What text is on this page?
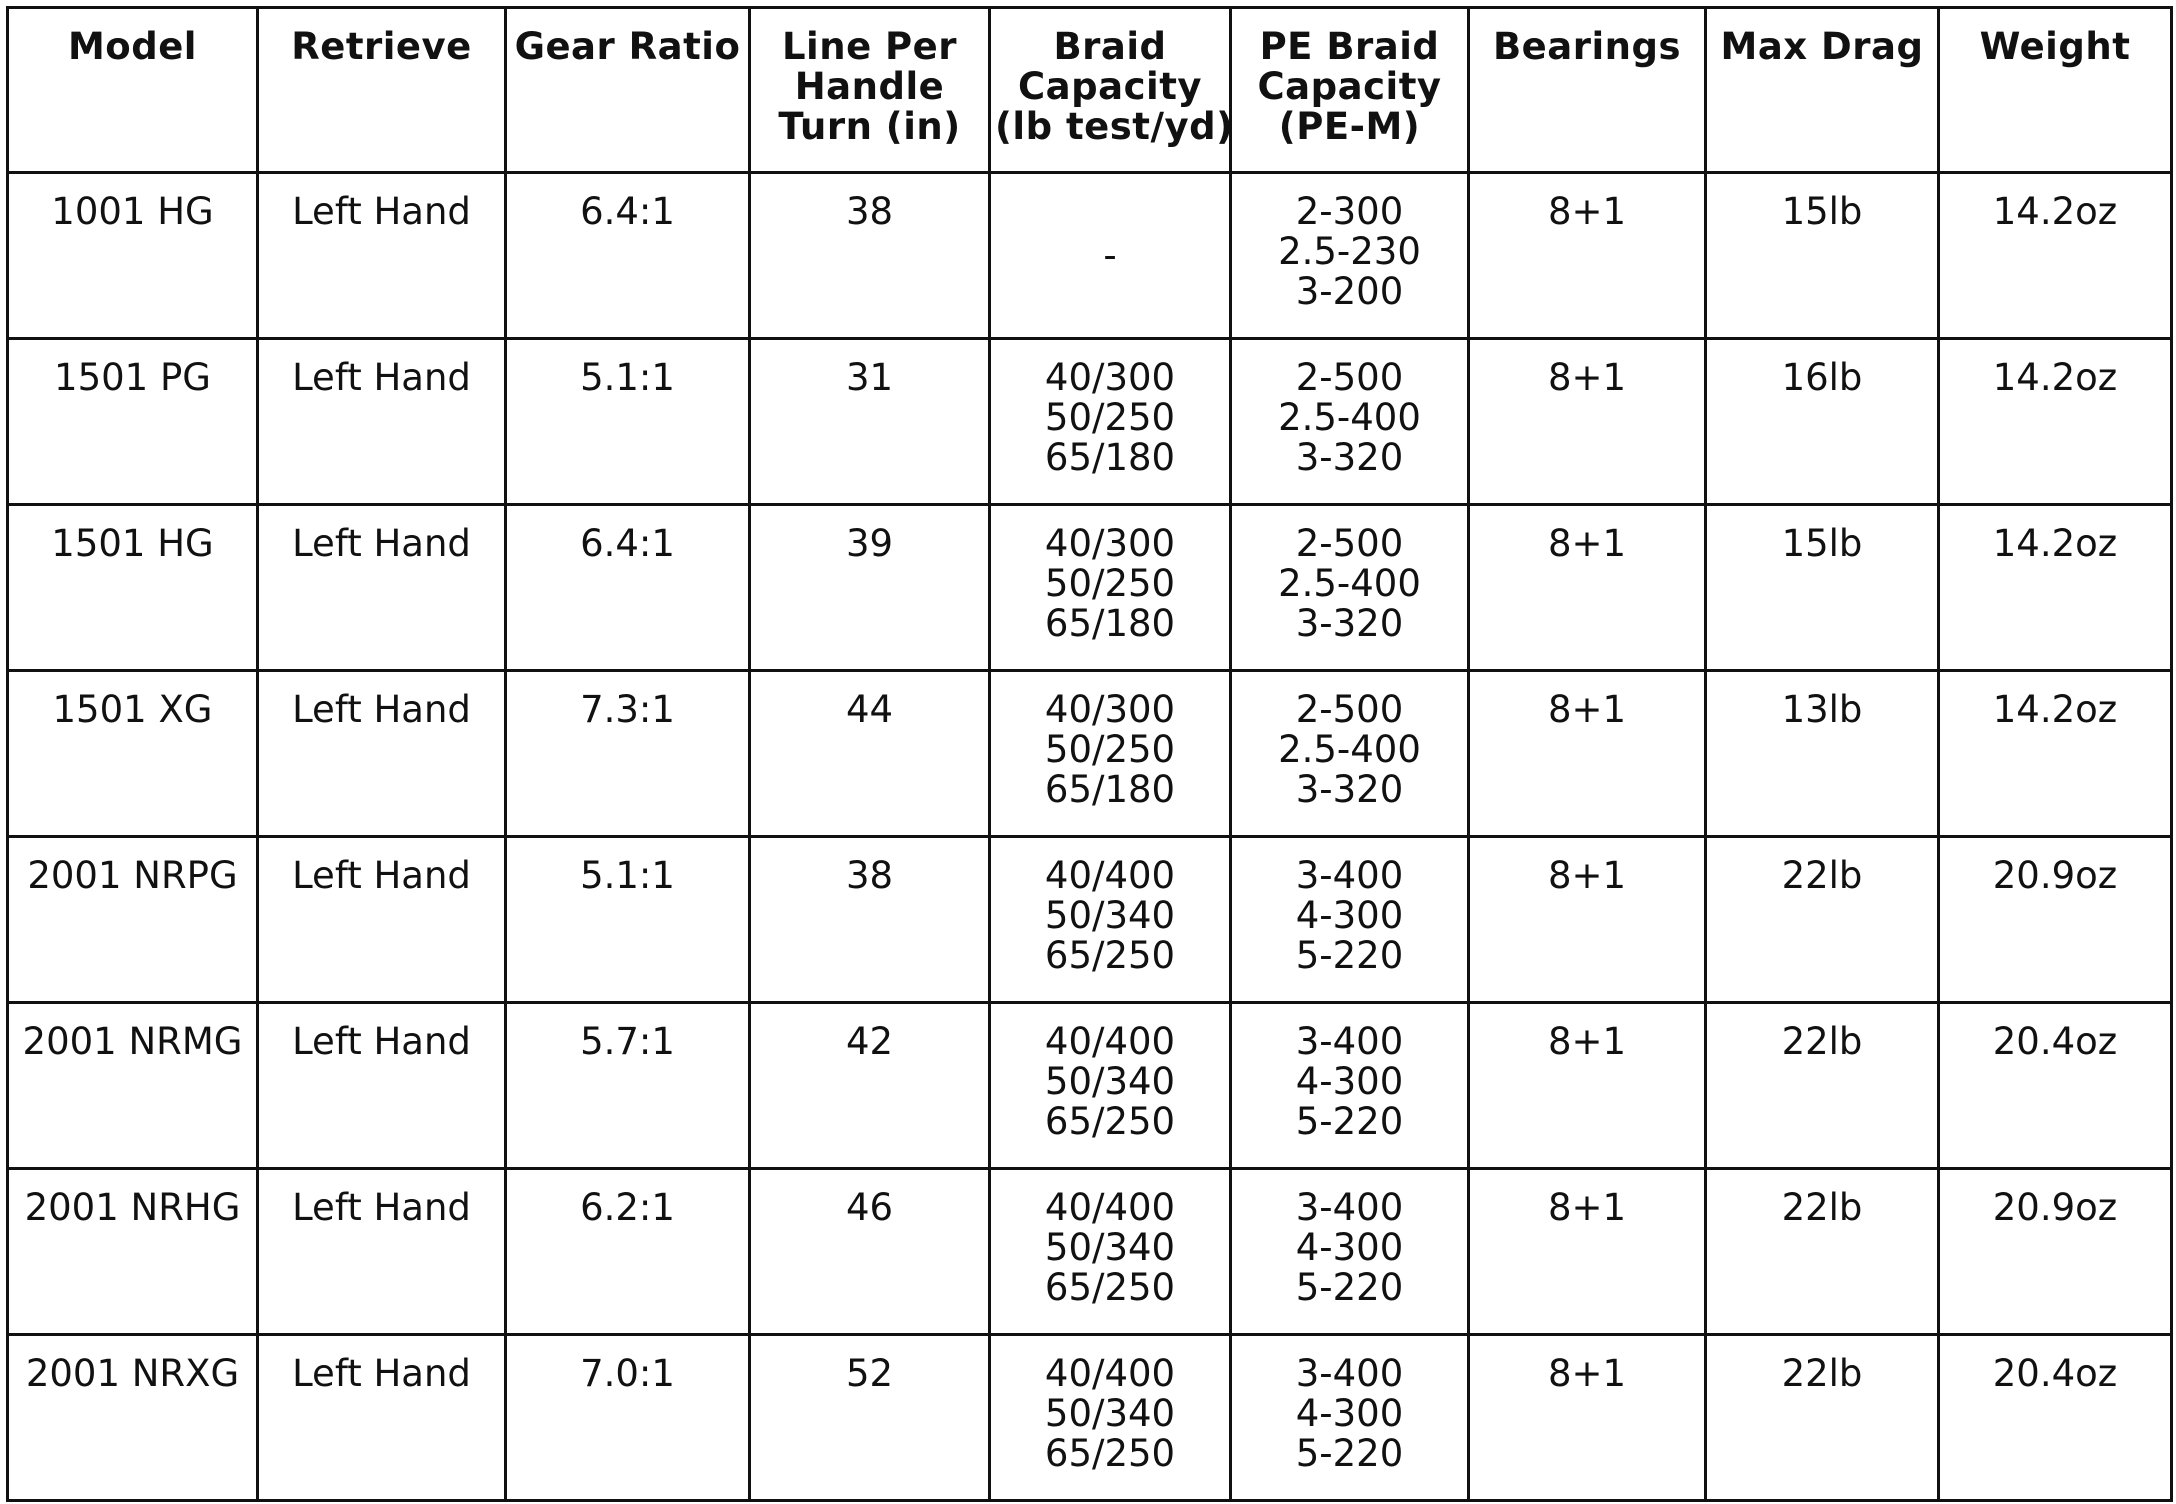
Model	Retrieve	Gear Ratio	Line Per
Handle
Turn (in)	Braid
Capacity
(lb test/yd)	PE Braid
Capacity
(PE-M)	Bearings	Max Drag	Weight

1001 HG	Left Hand	6.4:1	38	-	2-300
2.5-230
3-200	8+1	15lb	14.2oz
1501 PG	Left Hand	5.1:1	31	40/300
50/250
65/180	2-500
2.5-400
3-320	8+1	16lb	14.2oz
1501 HG	Left Hand	6.4:1	39	40/300
50/250
65/180	2-500
2.5-400
3-320	8+1	15lb	14.2oz
1501 XG	Left Hand	7.3:1	44	40/300
50/250
65/180	2-500
2.5-400
3-320	8+1	13lb	14.2oz
2001 NRPG	Left Hand	5.1:1	38	40/400
50/340
65/250	3-400
4-300
5-220	8+1	22lb	20.9oz
2001 NRMG	Left Hand	5.7:1	42	40/400
50/340
65/250	3-400
4-300
5-220	8+1	22lb	20.4oz
2001 NRHG	Left Hand	6.2:1	46	40/400
50/340
65/250	3-400
4-300
5-220	8+1	22lb	20.9oz
2001 NRXG	Left Hand	7.0:1	52	40/400
50/340
65/250	3-400
4-300
5-220	8+1	22lb	20.4oz
